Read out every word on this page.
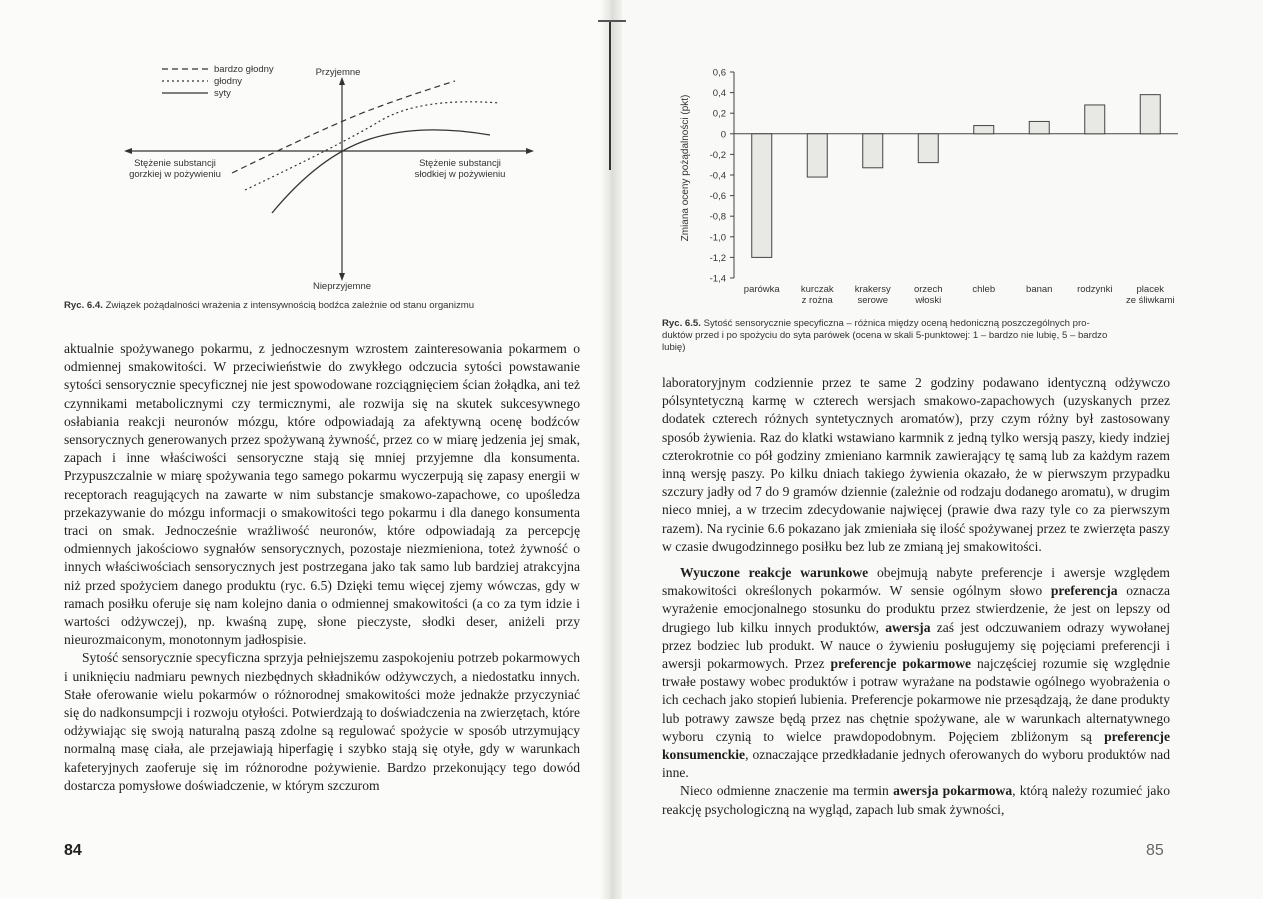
bardzo głodny
głodny
syty
Przyjemne
Nieprzyjemne
Stężenie substancji
gorzkiej w pożywieniu
Stężenie substancji
słodkiej w pożywieniu
Ryc. 6.4. Związek pożądalności wrażenia z intensywnością bodźca zależnie od stanu organizmu
Zmiana oceny pożądalności (pkt)
0,6
0,4
0,2
0
-0,2
-0,4
-0,6
-0,8
-1,0
-1,2
-1,4
parówka kurczak
z rożna
krakersy
serowe
orzech
włoski
chleb	banan	rodzynki	placek
ze śliwkami
Ryc. 6.5. Sytość sensorycznie specyficzna – różnica między oceną hedoniczną poszczególnych pro-
duktów przed i po spożyciu do syta parówek (ocena w skali 5-punktowej: 1 – bardzo nie lubię, 5 – bardzo
lubię)

aktualnie spożywanego pokarmu, z jednoczesnym wzrostem zainteresowania pokarmem o odmiennej smakowitości. W przeciwieństwie do zwykłego odczucia sytości powstawanie sytości sensorycznie specyficznej nie jest spowodowane rozciągnięciem ścian żołądka, ani też czynnikami metabolicznymi czy termicznymi, ale rozwija się na skutek sukcesywnego osłabiania reakcji neuronów mózgu, które odpowiadają za afektywną ocenę bodźców sensorycznych generowanych przez spożywaną żywność, przez co w miarę jedzenia jej smak, zapach i inne właściwości sensoryczne stają się mniej przyjemne dla konsumenta. Przypuszczalnie w miarę spożywania tego samego pokarmu wyczerpują się zapasy energii w receptorach reagujących na zawarte w nim substancje smakowo-zapachowe, co upośledza przekazywanie do mózgu informacji o smakowitości tego pokarmu i dla danego konsumenta traci on smak. Jednocześnie wrażliwość neuronów, które odpowiadają za percepcję odmiennych jakościowo sygnałów sensorycznych, pozostaje niezmieniona, toteż żywność o innych właściwościach sensorycznych jest postrzegana jako tak samo lub bardziej atrakcyjna niż przed spożyciem danego produktu (ryc. 6.5) Dzięki temu więcej zjemy wówczas, gdy w ramach posiłku oferuje się nam kolejno dania o odmiennej smakowitości (a co za tym idzie i wartości odżywczej), np. kwaśną zupę, słone pieczyste, słodki deser, aniżeli przy nieurozmaiconym, monotonnym jadłospisie.

Sytość sensorycznie specyficzna sprzyja pełniejszemu zaspokojeniu potrzeb pokarmowych i uniknięciu nadmiaru pewnych niezbędnych składników odżywczych, a niedostatku innych. Stałe oferowanie wielu pokarmów o różnorodnej smakowitości może jednakże przyczyniać się do nadkonsumpcji i rozwoju otyłości. Potwierdzają to doświadczenia na zwierzętach, które odżywiając się swoją naturalną paszą zdolne są regulować spożycie w sposób utrzymujący normalną masę ciała, ale przejawiają hiperfagię i szybko stają się otyłe, gdy w warunkach kafeteryjnych zaoferuje się im różnorodne pożywienie. Bardzo przekonujący tego dowód dostarcza pomysłowe doświadczenie, w którym szczurom

84

laboratoryjnym codziennie przez te same 2 godziny podawano identyczną odżywczo pólsyntetyczną karmę w czterech wersjach smakowo-zapachowych (uzyskanych przez dodatek czterech różnych syntetycznych aromatów), przy czym różny był zastosowany sposób żywienia. Raz do klatki wstawiano karmnik z jedną tylko wersją paszy, kiedy indziej czterokrotnie co pół godziny zmieniano karmnik zawierający tę samą lub za każdym razem inną wersję paszy. Po kilku dniach takiego żywienia okazało, że w pierwszym przypadku szczury jadły od 7 do 9 gramów dziennie (zależnie od rodzaju dodanego aromatu), w drugim nieco mniej, a w trzecim zdecydowanie najwięcej (prawie dwa razy tyle co za pierwszym razem). Na rycinie 6.6 pokazano jak zmieniała się ilość spożywanej przez te zwierzęta paszy w czasie dwugodzinnego posiłku bez lub ze zmianą jej smakowitości.

Wyuczone reakcje warunkowe obejmują nabyte preferencje i awersje względem smakowitości określonych pokarmów. W sensie ogólnym słowo preferencja oznacza wyrażenie emocjonalnego stosunku do produktu przez stwierdzenie, że jest on lepszy od drugiego lub kilku innych produktów, awersja zaś jest odczuwaniem odrazy wywołanej przez bodziec lub produkt. W nauce o żywieniu posługujemy się pojęciami preferencji i awersji pokarmowych. Przez preferencje pokarmowe najczęściej rozumie się względnie trwałe postawy wobec produktów i potraw wyrażane na podstawie ogólnego wyobrażenia o ich cechach jako stopień lubienia. Preferencje pokarmowe nie przesądzają, że dane produkty lub potrawy zawsze będą przez nas chętnie spożywane, ale w warunkach alternatywnego wyboru czynią to wielce prawdopodobnym. Pojęciem zbliżonym są preferencje konsumenckie, oznaczające przedkładanie jednych oferowanych do wyboru produktów nad inne.

Nieco odmienne znaczenie ma termin awersja pokarmowa, którą należy rozumieć jako reakcję psychologiczną na wygląd, zapach lub smak żywności,

85
